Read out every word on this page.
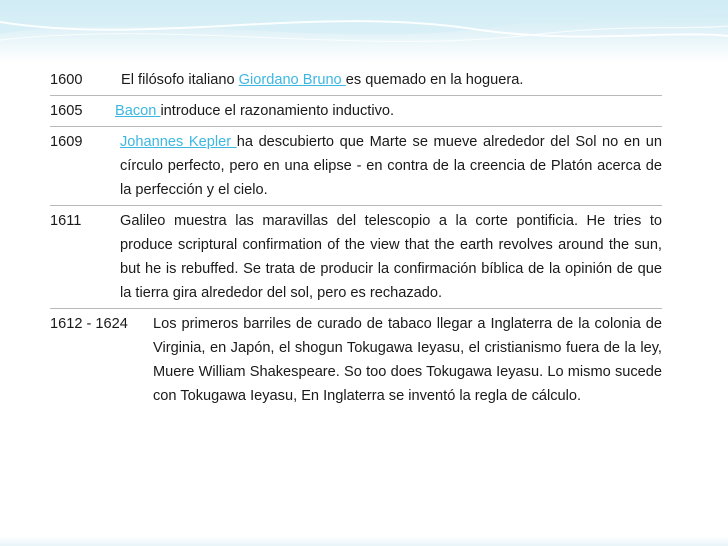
1600	El filósofo italiano Giordano Bruno es quemado en la hoguera.
1605	Bacon introduce el razonamiento inductivo.
1609	Johannes Kepler ha descubierto que Marte se mueve alrededor del Sol no en un círculo perfecto, pero en una elipse - en contra de la creencia de Platón acerca de la perfección y el cielo.
1611	Galileo muestra las maravillas del telescopio a la corte pontificia. He tries to produce scriptural confirmation of the view that the earth revolves around the sun, but he is rebuffed. Se trata de producir la confirmación bíblica de la opinión de que la tierra gira alrededor del sol, pero es rechazado.
1612 - 1624	Los primeros barriles de curado de tabaco llegar a Inglaterra de la colonia de Virginia, en Japón, el shogun Tokugawa Ieyasu, el cristianismo fuera de la ley, Muere William Shakespeare. So too does Tokugawa Ieyasu. Lo mismo sucede con Tokugawa Ieyasu, En Inglaterra se inventó la regla de cálculo.
